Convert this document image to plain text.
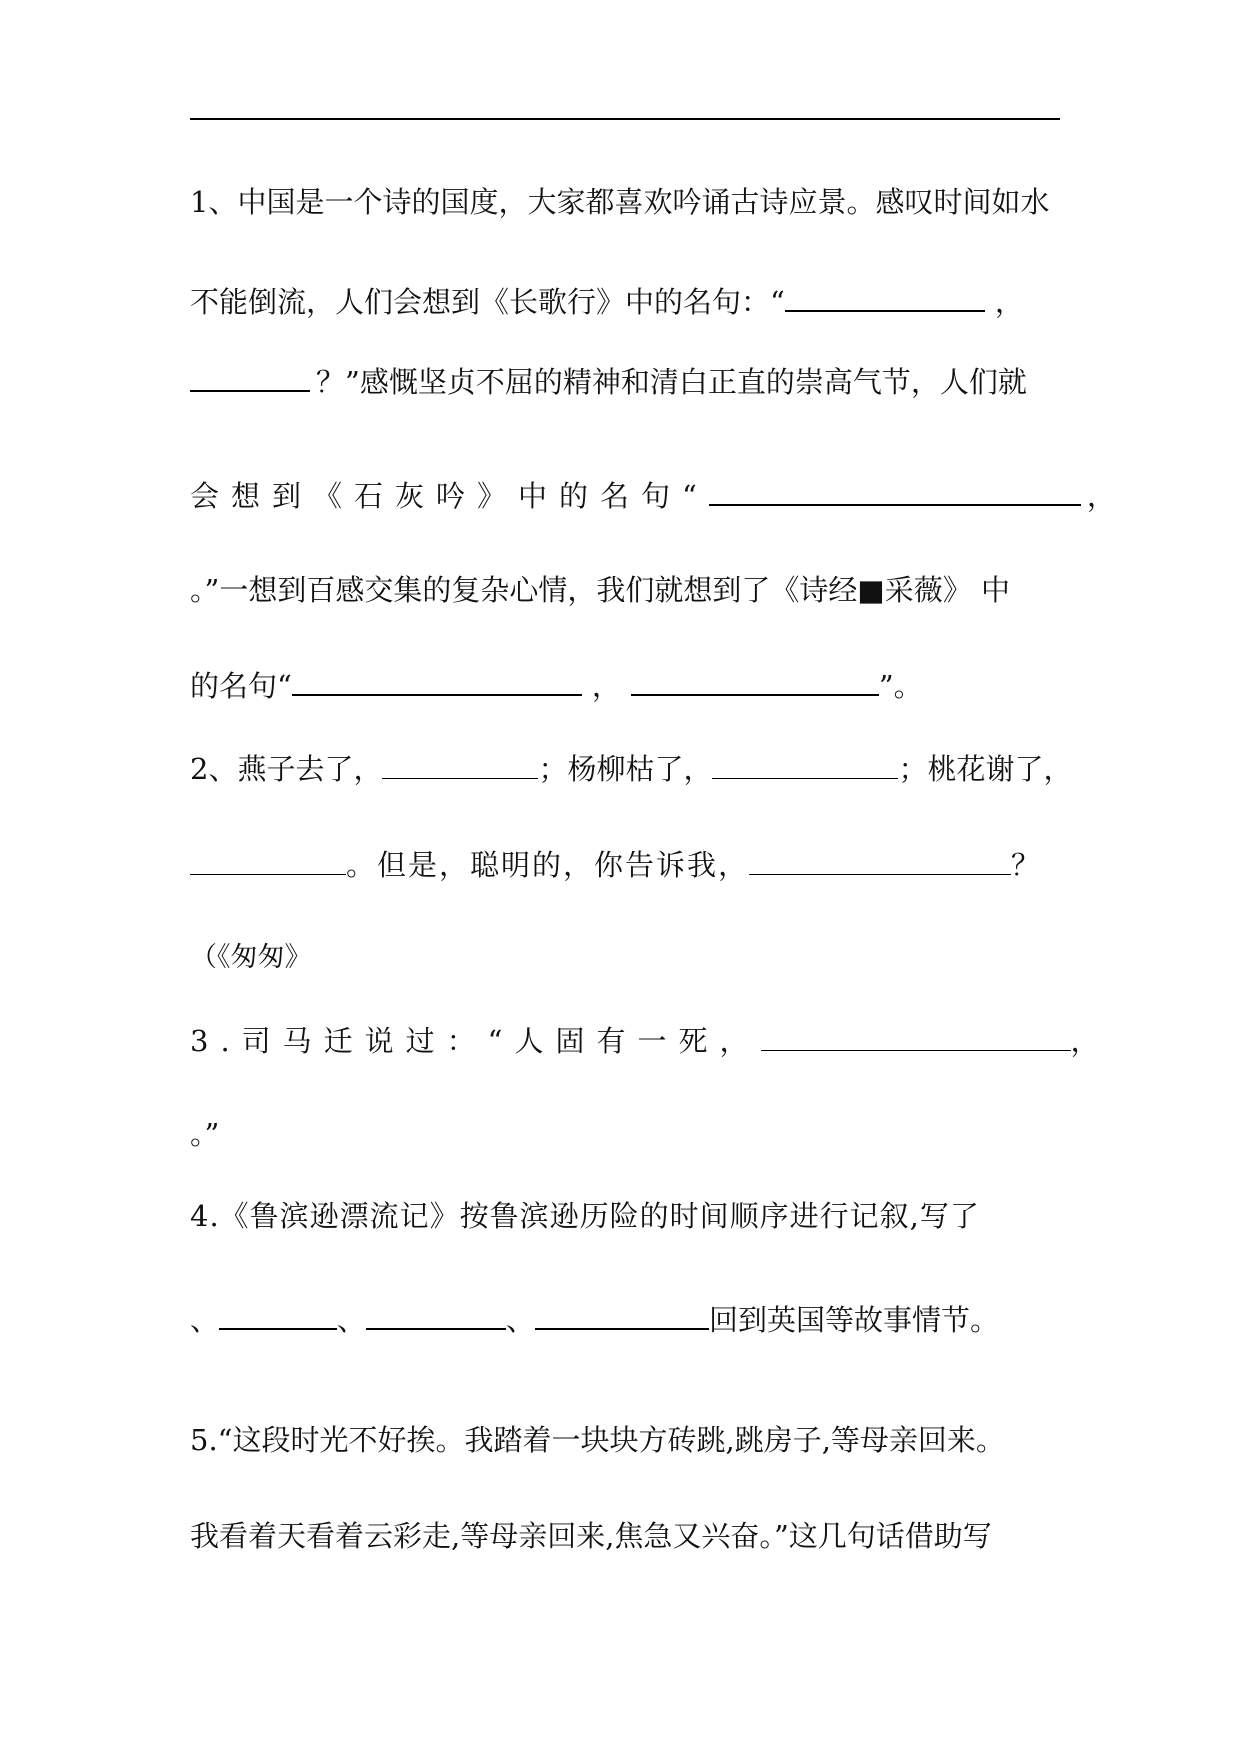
1、中国是一个诗的国度，大家都喜欢吟诵古诗应景。感叹时间如水
不能倒流，人们会想到《长歌行》中的名句：“	，
？”感慨坚贞不屈的精神和清白正直的崇高气节，人们就
会想到《石灰吟》中的名句“	，
。”一想到百感交集的复杂心情，我们就想到了《诗经■采薇》 中
的名句“	，	”。
2、燕子去了，	；杨柳枯了，	；桃花谢了，
。但是，聪明的，你告诉我，	？
（《匆匆》
3.司马迁说过：“人固有一死，	，
。”
4.《鲁滨逊漂流记》按鲁滨逊历险的时间顺序进行记叙,写了
、	、	、	回到英国等故事情节。
5.“这段时光不好挨。我踏着一块块方砖跳,跳房子,等母亲回来。
我看着天看着云彩走,等母亲回来,焦急又兴奋。”这几句话借助写
